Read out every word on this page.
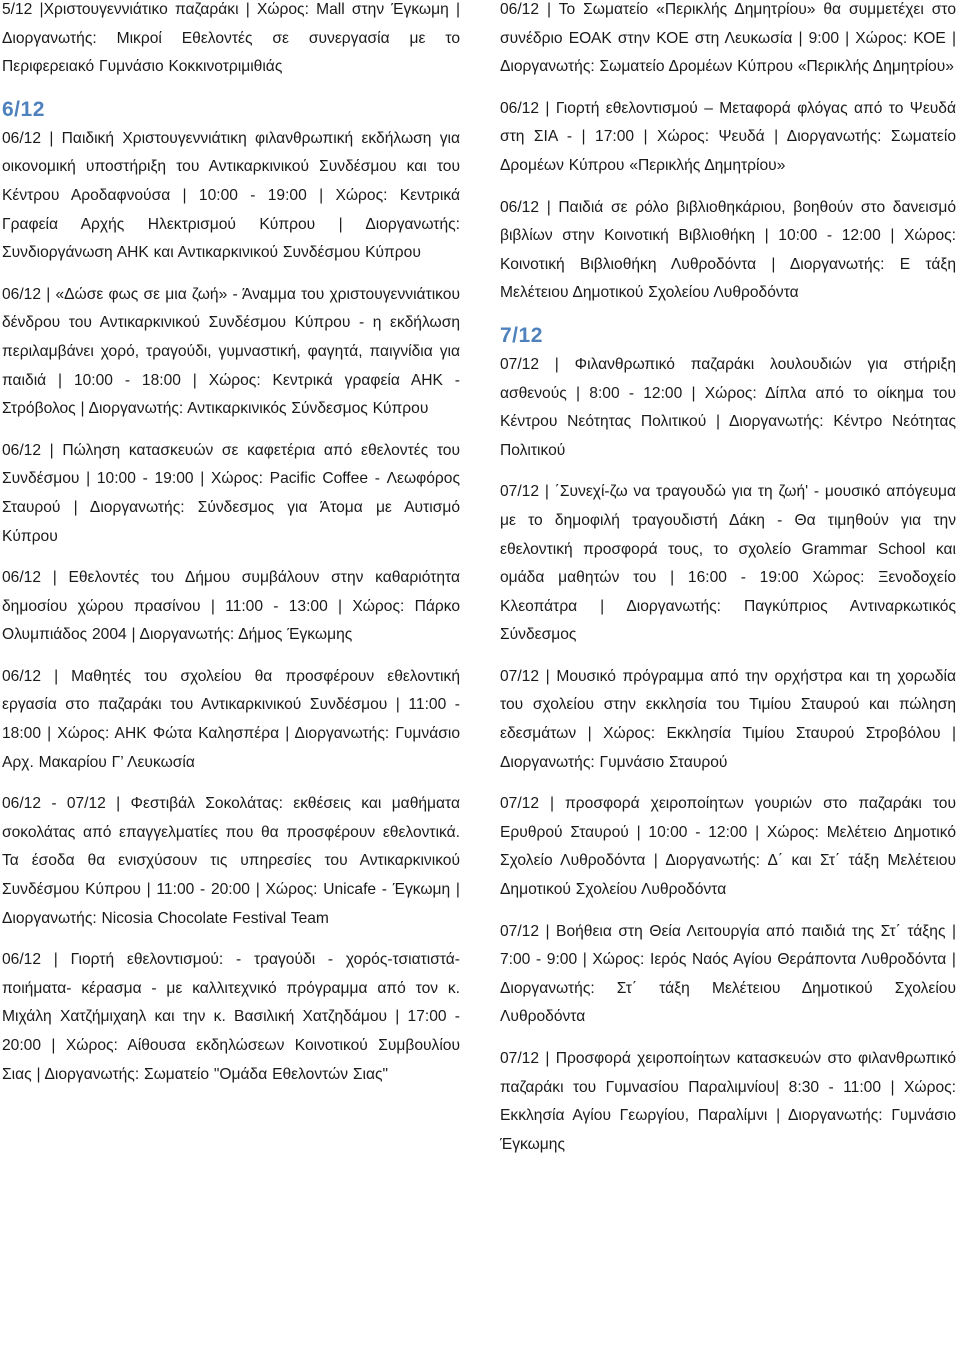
5/12 |Χριστουγεννιάτικο παζαράκι | Χώρος: Mall στην Έγκωμη | Διοργανωτής: Μικροί Εθελοντές σε συνεργασία με το Περιφερειακό Γυμνάσιο Κοκκινοτριμιθιάς

6/12

06/12 | Παιδική Χριστουγεννιάτικη φιλανθρωπική εκδήλωση για οικονομική υποστήριξη του Αντικαρκινικού Συνδέσμου και του Κέντρου Αροδαφνούσα | 10:00 - 19:00 | Χώρος: Κεντρικά Γραφεία Αρχής Ηλεκτρισμού Κύπρου | Διοργανωτής: Συνδιοργάνωση ΑΗΚ και Αντικαρκινικού Συνδέσμου Κύπρου

06/12 | «Δώσε φως σε μια ζωή» - Άναμμα του χριστουγεννιάτικου δένδρου του Αντικαρκινικού Συνδέσμου Κύπρου - η εκδήλωση περιλαμβάνει χορό, τραγούδι, γυμναστική, φαγητά, παιγνίδια για παιδιά | 10:00 - 18:00 | Χώρος: Κεντρικά γραφεία ΑΗΚ - Στρόβολος | Διοργανωτής: Αντικαρκινικός Σύνδεσμος Κύπρου

06/12 | Πώληση κατασκευών σε καφετέρια από εθελοντές του Συνδέσμου | 10:00 - 19:00 | Χώρος: Pacific Coffee - Λεωφόρος Σταυρού | Διοργανωτής: Σύνδεσμος για Άτομα με Αυτισμό Κύπρου

06/12 | Εθελοντές του Δήμου συμβάλουν στην καθαριότητα δημοσίου χώρου πρασίνου | 11:00 - 13:00 | Χώρος: Πάρκο Ολυμπιάδος 2004 | Διοργανωτής: Δήμος Έγκωμης

06/12 | Μαθητές του σχολείου θα προσφέρουν εθελοντική εργασία στο παζαράκι του Αντικαρκινικού Συνδέσμου | 11:00 - 18:00 | Χώρος: ΑΗΚ Φώτα Καλησπέρα | Διοργανωτής: Γυμνάσιο Αρχ. Μακαρίου Γ’ Λευκωσία

06/12 - 07/12 | Φεστιβάλ Σοκολάτας: εκθέσεις και μαθήματα σοκολάτας από επαγγελματίες που θα προσφέρουν εθελοντικά. Τα έσοδα θα ενισχύσουν τις υπηρεσίες του Αντικαρκινικού Συνδέσμου Κύπρου | 11:00 - 20:00 | Χώρος: Unicafe - Έγκωμη | Διοργανωτής: Nicosia Chocolate Festival Team

06/12 | Γιορτή εθελοντισμού: - τραγούδι - χορός-τσιατιστά- ποιήματα- κέρασμα - με καλλιτεχνικό πρόγραμμα από τον κ. Μιχάλη Χατζήμιχαηλ και την κ. Βασιλική Χατζηδάμου | 17:00 - 20:00 | Χώρος: Αίθουσα εκδηλώσεων Κοινοτικού Συμβουλίου Σιας | Διοργανωτής: Σωματείο "Ομάδα Εθελοντών Σιας"

06/12 | Το Σωματείο «Περικλής Δημητρίου» θα συμμετέχει στο συνέδριο ΕΟΑΚ στην ΚΟΕ στη Λευκωσία | 9:00 | Χώρος: ΚΟΕ | Διοργανωτής: Σωματείο Δρομέων Κύπρου «Περικλής Δημητρίου»

06/12 | Γιορτή εθελοντισμού – Μεταφορά φλόγας από το Ψευδά στη ΣΙΑ - | 17:00 | Χώρος: Ψευδά | Διοργανωτής: Σωματείο Δρομέων Κύπρου «Περικλής Δημητρίου»

06/12 | Παιδιά σε ρόλο βιβλιοθηκάριου, βοηθούν στο δανεισμό βιβλίων στην Κοινοτική Βιβλιοθήκη | 10:00 - 12:00 | Χώρος: Κοινοτική Βιβλιοθήκη Λυθροδόντα | Διοργανωτής: Ε τάξη Μελέτειου Δημοτικού Σχολείου Λυθροδόντα

7/12

07/12 | Φιλανθρωπικό παζαράκι λουλουδιών για στήριξη ασθενούς | 8:00 - 12:00 | Χώρος: Δίπλα από το οίκημα του Κέντρου Νεότητας Πολιτικού | Διοργανωτής: Κέντρο Νεότητας Πολιτικού

07/12 | ΄Συνεχί-ζω να τραγουδώ για τη ζωή' - μουσικό απόγευμα με το δημοφιλή τραγουδιστή Δάκη - Θα τιμηθούν για την εθελοντική προσφορά τους, το σχολείο Grammar School και ομάδα μαθητών του | 16:00 - 19:00 Χώρος: Ξενοδοχείο Κλεοπάτρα | Διοργανωτής: Παγκύπριος Αντιναρκωτικός Σύνδεσμος

07/12 | Μουσικό πρόγραμμα από την ορχήστρα και τη χορωδία του σχολείου στην εκκλησία του Τιμίου Σταυρού και πώληση εδεσμάτων | Χώρος: Εκκλησία Τιμίου Σταυρού Στροβόλου | Διοργανωτής: Γυμνάσιο Σταυρού

07/12 | προσφορά χειροποίητων γουριών στο παζαράκι του Ερυθρού Σταυρού | 10:00 - 12:00 | Χώρος: Μελέτειο Δημοτικό Σχολείο Λυθροδόντα | Διοργανωτής: Δ΄ και Στ΄ τάξη Μελέτειου Δημοτικού Σχολείου Λυθροδόντα

07/12 | Βοήθεια στη Θεία Λειτουργία από παιδιά της Στ΄ τάξης | 7:00 - 9:00 | Χώρος: Ιερός Ναός Αγίου Θεράποντα Λυθροδόντα | Διοργανωτής: Στ΄ τάξη Μελέτειου Δημοτικού Σχολείου Λυθροδόντα

07/12 | Προσφορά χειροποίητων κατασκευών στο φιλανθρωπικό παζαράκι του Γυμνασίου Παραλιμνίου| 8:30 - 11:00 | Χώρος: Εκκλησία Αγίου Γεωργίου, Παραλίμνι | Διοργανωτής: Γυμνάσιο Έγκωμης
